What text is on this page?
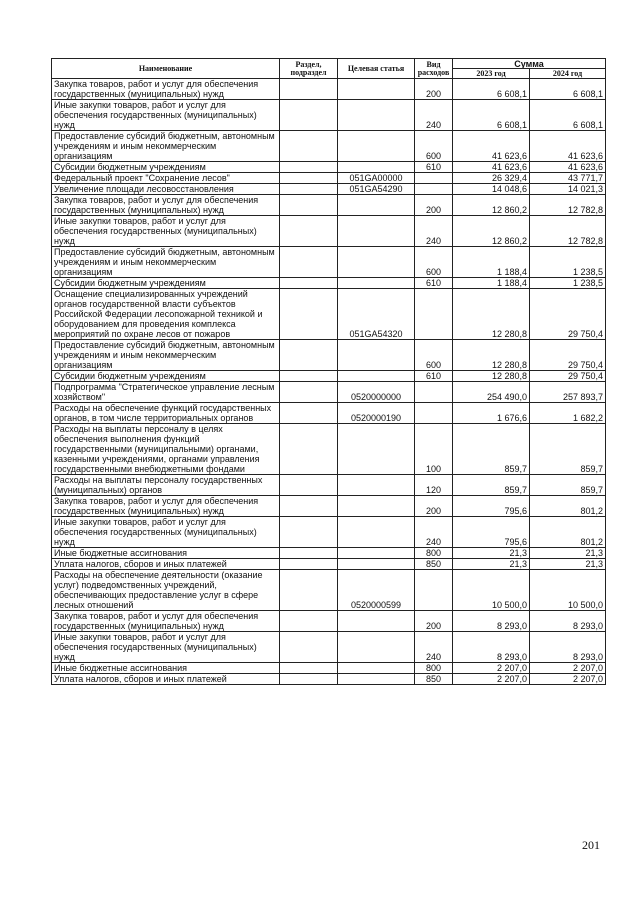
Наименование	Раздел, подраздел	Целевая статья	Вид расходов	Сумма	
				2023 год	2024 год
Закупка товаров, работ и услуг для обеспечения государственных (муниципальных) нужд			200	6 608,1	6 608,1
Иные закупки товаров, работ и услуг для обеспечения государственных (муниципальных) нужд			240	6 608,1	6 608,1
Предоставление субсидий бюджетным, автономным учреждениям и иным некоммерческим организациям			600	41 623,6	41 623,6
Субсидии бюджетным учреждениям			610	41 623,6	41 623,6
Федеральный проект "Сохранение лесов"		051GA00000		26 329,4	43 771,7
Увеличение площади лесовосстановления		051GA54290		14 048,6	14 021,3
Закупка товаров, работ и услуг для обеспечения государственных (муниципальных) нужд			200	12 860,2	12 782,8
Иные закупки товаров, работ и услуг для обеспечения государственных (муниципальных) нужд			240	12 860,2	12 782,8
Предоставление субсидий бюджетным, автономным учреждениям и иным некоммерческим организациям			600	1 188,4	1 238,5
Субсидии бюджетным учреждениям			610	1 188,4	1 238,5
Оснащение специализированных учреждений органов государственной власти субъектов Российской Федерации лесопожарной техникой и оборудованием для проведения комплекса мероприятий по охране лесов от пожаров		051GA54320		12 280,8	29 750,4
Предоставление субсидий бюджетным, автономным учреждениям и иным некоммерческим организациям			600	12 280,8	29 750,4
Субсидии бюджетным учреждениям			610	12 280,8	29 750,4
Подпрограмма "Стратегическое управление лесным хозяйством"		0520000000		254 490,0	257 893,7
Расходы на обеспечение функций государственных органов, в том числе территориальных органов		0520000190		1 676,6	1 682,2
Расходы на выплаты персоналу в целях обеспечения выполнения функций государственными (муниципальными) органами, казенными учреждениями, органами управления государственными внебюджетными фондами			100	859,7	859,7
Расходы на выплаты персоналу государственных (муниципальных) органов			120	859,7	859,7
Закупка товаров, работ и услуг для обеспечения государственных (муниципальных) нужд			200	795,6	801,2
Иные закупки товаров, работ и услуг для обеспечения государственных (муниципальных) нужд			240	795,6	801,2
Иные бюджетные ассигнования			800	21,3	21,3
Уплата налогов, сборов и иных платежей			850	21,3	21,3
Расходы на обеспечение деятельности (оказание услуг) подведомственных учреждений, обеспечивающих предоставление услуг в сфере лесных отношений		0520000599		10 500,0	10 500,0
Закупка товаров, работ и услуг для обеспечения государственных (муниципальных) нужд			200	8 293,0	8 293,0
Иные закупки товаров, работ и услуг для обеспечения государственных (муниципальных) нужд			240	8 293,0	8 293,0
Иные бюджетные ассигнования			800	2 207,0	2 207,0
Уплата налогов, сборов и иных платежей			850	2 207,0	2 207,0
201
